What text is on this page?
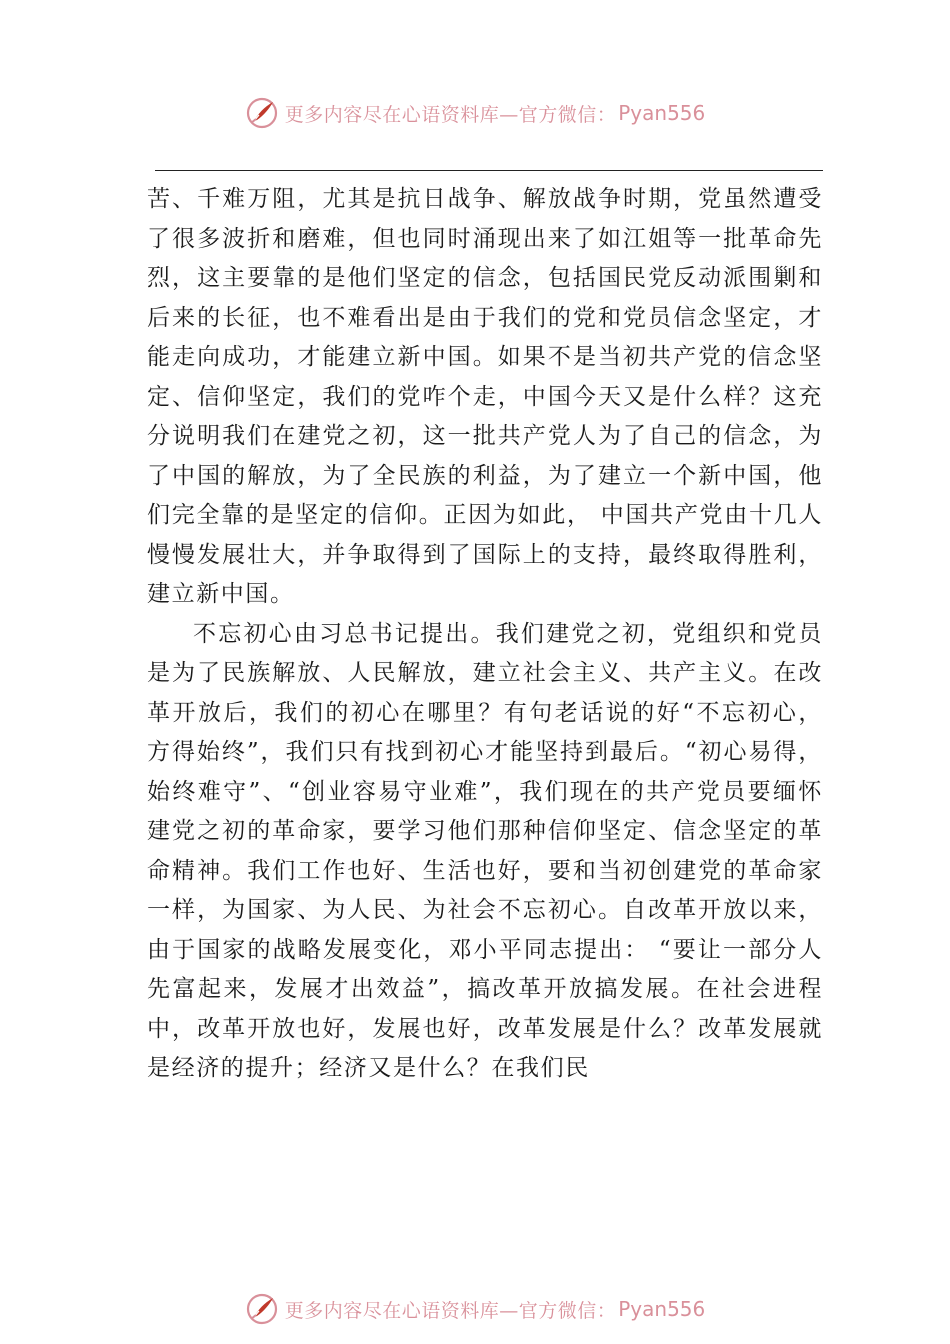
更多内容尽在心语资料库—官方微信： Pyan556

苦、千难万阻，尤其是抗日战争、解放战争时期，党虽然遭受了很多波折和磨难，但也同时涌现出来了如江姐等一批革命先烈，这主要靠的是他们坚定的信念，包括国民党反动派围剿和后来的长征，也不难看出是由于我们的党和党员信念坚定，才能走向成功，才能建立新中国。如果不是当初共产党的信念坚定、信仰坚定，我们的党咋个走，中国今天又是什么样？这充分说明我们在建党之初，这一批共产党人为了自己的信念，为了中国的解放，为了全民族的利益，为了建立一个新中国，他们完全靠的是坚定的信仰。正因为如此， 中国共产党由十几人慢慢发展壮大，并争取得到了国际上的支持，最终取得胜利，建立新中国。

不忘初心由习总书记提出。我们建党之初，党组织和党员是为了民族解放、人民解放，建立社会主义、共产主义。在改革开放后，我们的初心在哪里？有句老话说的好“不忘初心，方得始终”，我们只有找到初心才能坚持到最后。“初心易得，始终难守”、“创业容易守业难”，我们现在的共产党员要缅怀建党之初的革命家，要学习他们那种信仰坚定、信念坚定的革命精神。我们工作也好、生活也好，要和当初创建党的革命家一样，为国家、为人民、为社会不忘初心。自改革开放以来，由于国家的战略发展变化，邓小平同志提出： “要让一部分人先富起来，发展才出效益”，搞改革开放搞发展。在社会进程中，改革开放也好，发展也好，改革发展是什么？改革发展就是经济的提升；经济又是什么？在我们民

更多内容尽在心语资料库—官方微信： Pyan556
